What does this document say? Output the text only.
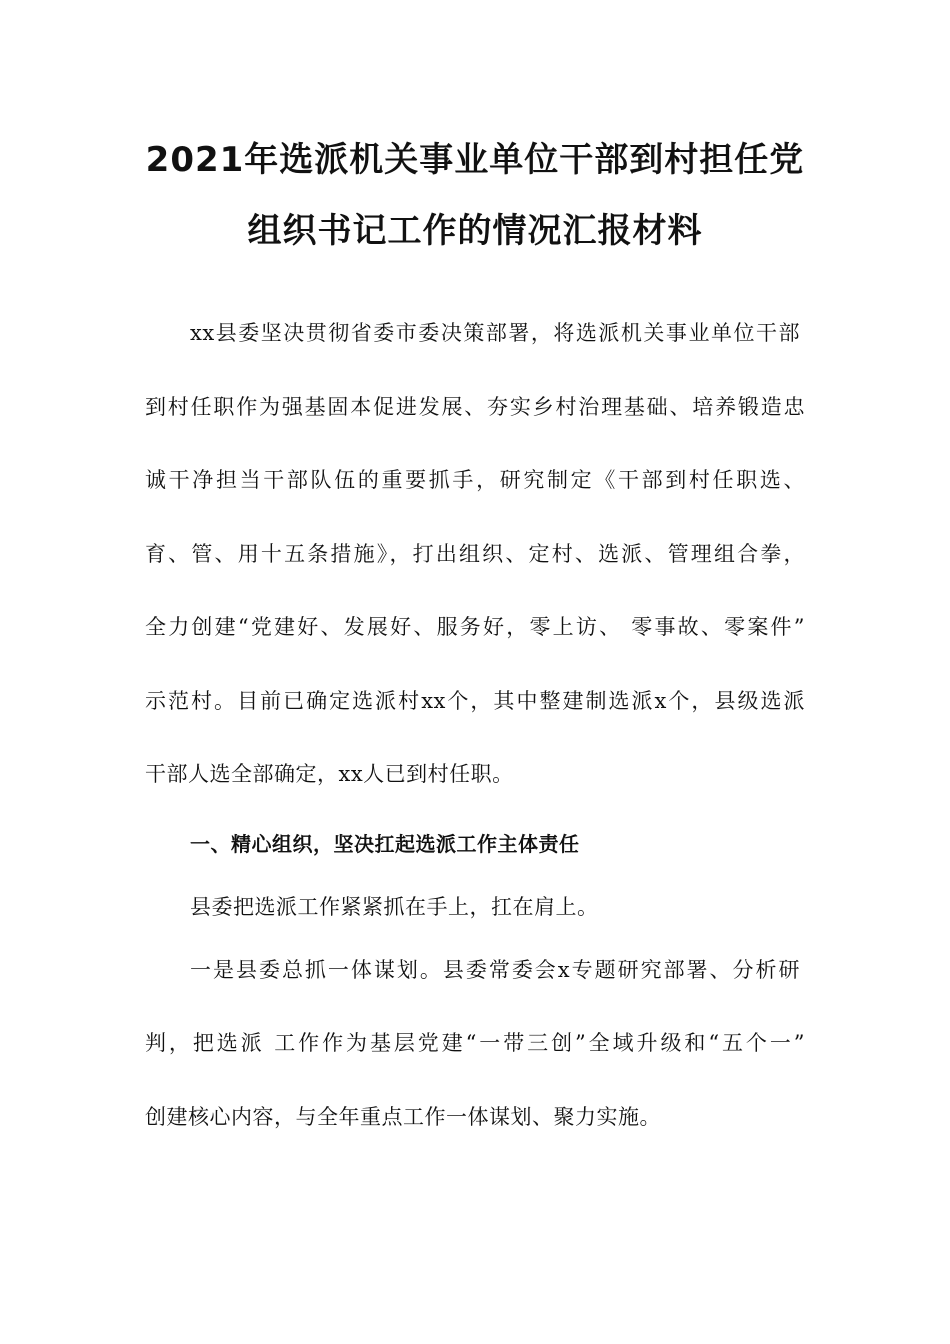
2021年选派机关事业单位干部到村担任党
组织书记工作的情况汇报材料
xx县委坚决贯彻省委市委决策部署，将选派机关事业单位干部
到村任职作为强基固本促进发展、夯实乡村治理基础、培养锻造忠
诚干净担当干部队伍的重要抓手，研究制定《干部到村任职选、
育、管、用十五条措施》，打出组织、定村、选派、管理组合拳，
全力创建“党建好、发展好、服务好，零上访、 零事故、零案件”
示范村。目前已确定选派村xx个，其中整建制选派x个，县级选派
干部人选全部确定，xx人已到村任职。
一、精心组织，坚决扛起选派工作主体责任
县委把选派工作紧紧抓在手上，扛在肩上。
一是县委总抓一体谋划。县委常委会x专题研究部署、分析研
判，把选派 工作作为基层党建“一带三创”全域升级和“五个一”
创建核心内容，与全年重点工作一体谋划、聚力实施。
